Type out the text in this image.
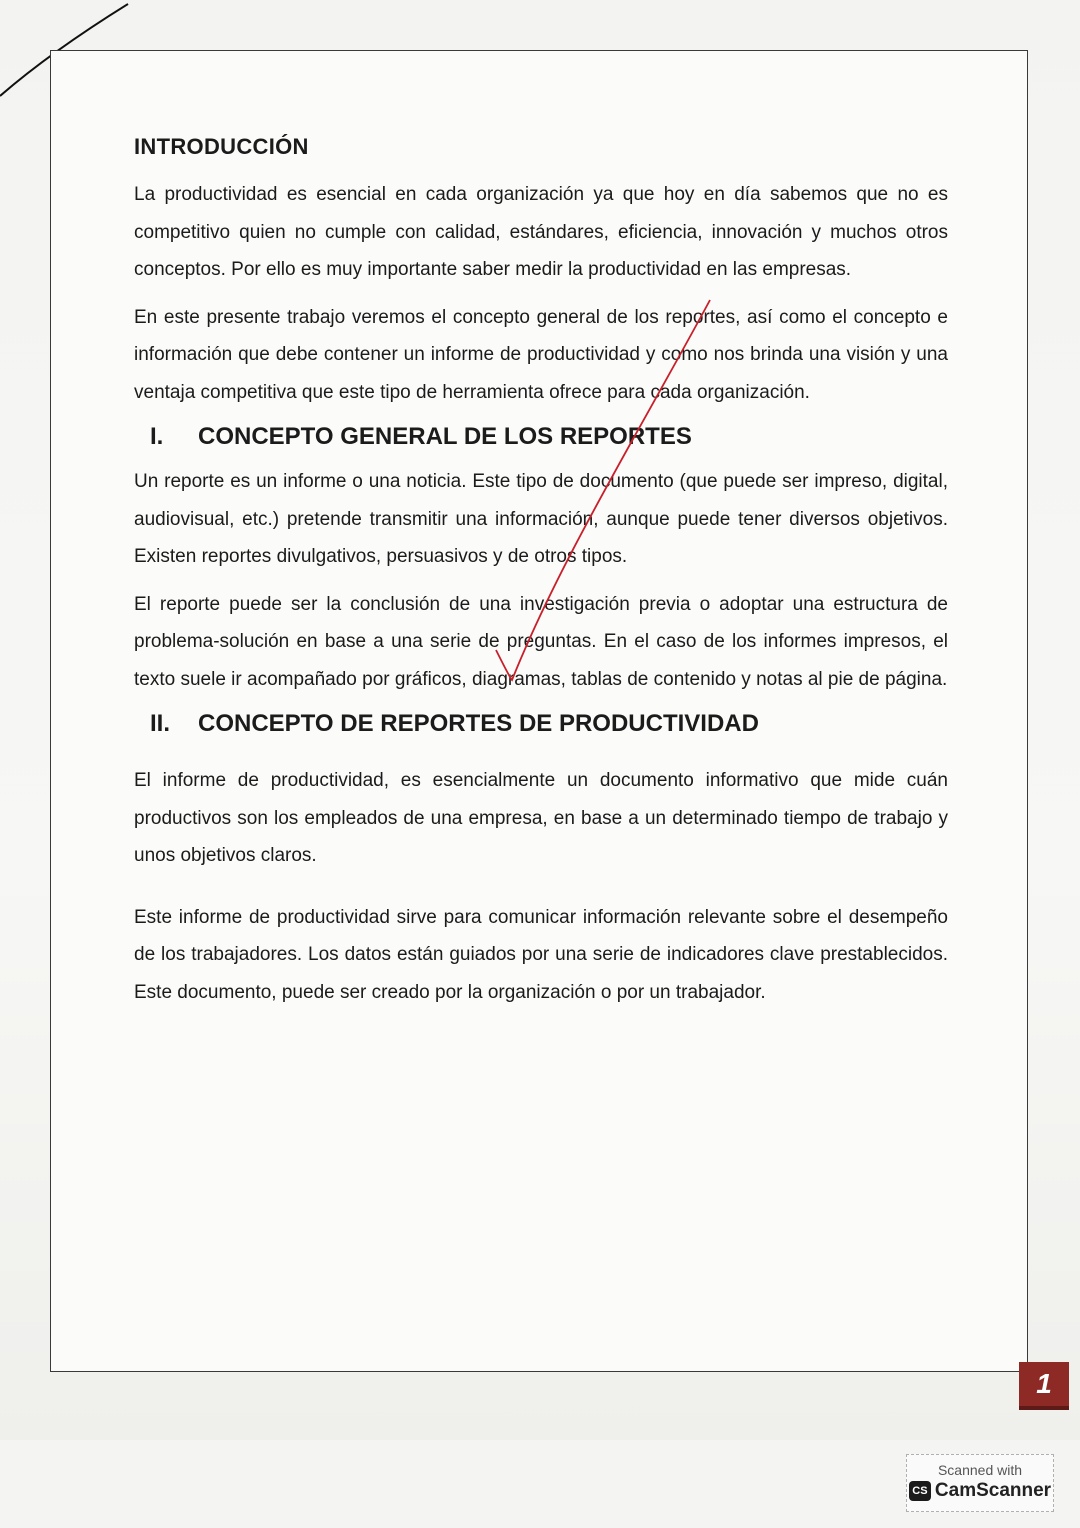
1
INTRODUCCIÓN

La productividad es esencial en cada organización ya que hoy en día sabemos que no es competitivo quien no cumple con calidad, estándares, eficiencia, innovación y muchos otros conceptos. Por ello es muy importante saber medir la productividad en las empresas.

En este presente trabajo veremos el concepto general de los reportes, así como el concepto e información que debe contener un informe de productividad y como nos brinda una visión y una ventaja competitiva que este tipo de herramienta ofrece para cada organización.

I.	CONCEPTO GENERAL DE LOS REPORTES

Un reporte es un informe o una noticia. Este tipo de documento (que puede ser impreso, digital, audiovisual, etc.) pretende transmitir una información, aunque puede tener diversos objetivos. Existen reportes divulgativos, persuasivos y de otros tipos.

El reporte puede ser la conclusión de una investigación previa o adoptar una estructura de problema-solución en base a una serie de preguntas. En el caso de los informes impresos, el texto suele ir acompañado por gráficos, diagramas, tablas de contenido y notas al pie de página.

II.	CONCEPTO DE REPORTES DE PRODUCTIVIDAD

El informe de productividad, es esencialmente un documento informativo que mide cuán productivos son los empleados de una empresa, en base a un determinado tiempo de trabajo y unos objetivos claros.

Este informe de productividad sirve para comunicar información relevante sobre el desempeño de los trabajadores. Los datos están guiados por una serie de indicadores clave prestablecidos. Este documento, puede ser creado por la organización o por un trabajador.

Scanned with
CS CamScanner
